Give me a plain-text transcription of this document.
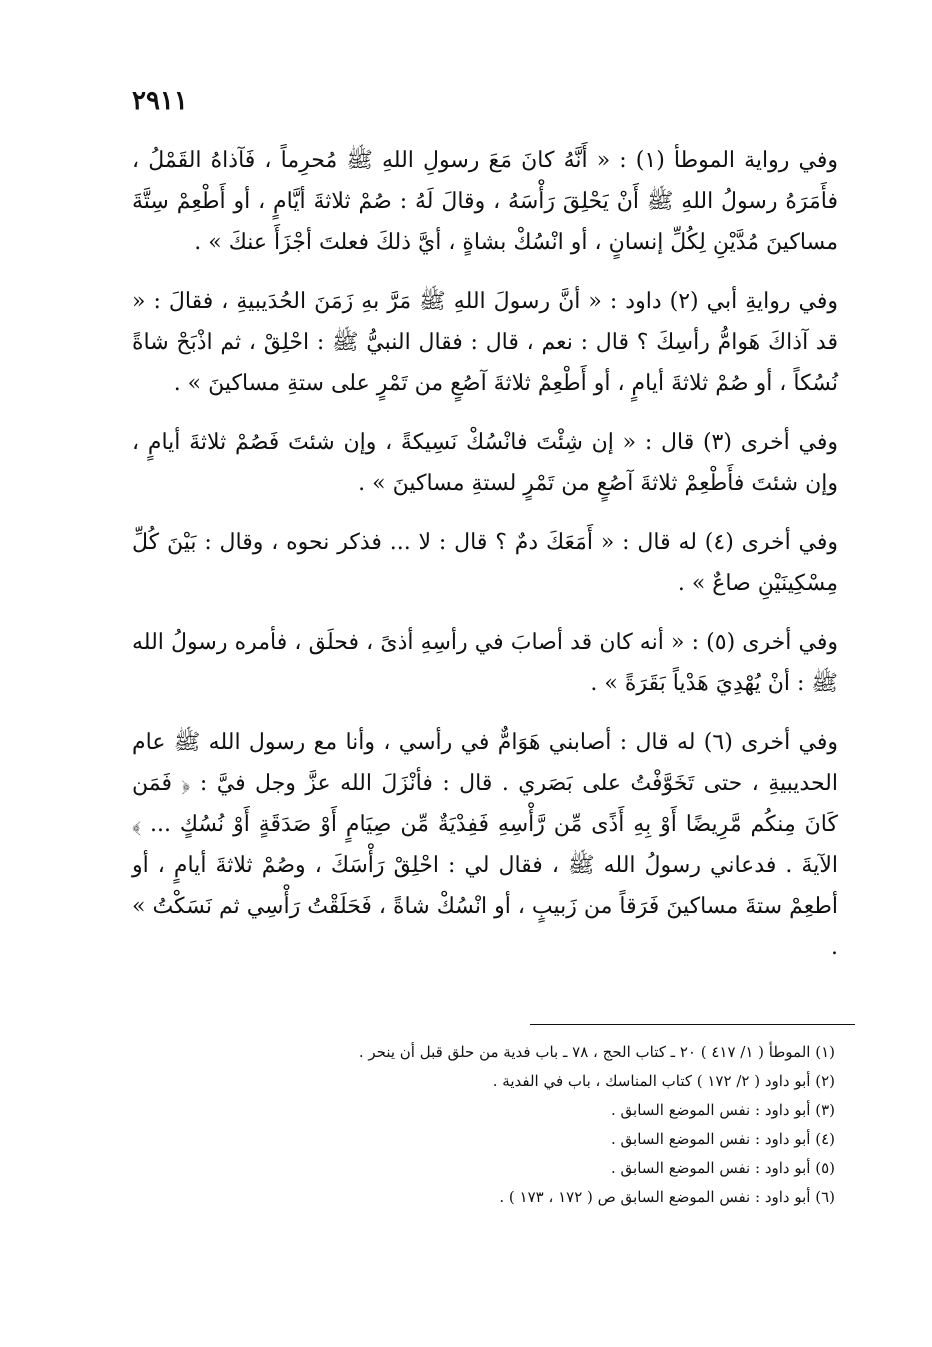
٢٩١١

وفي رواية الموطأ (١) : « أَنَّهُ كانَ مَعَ رسولِ اللهِ ﷺ مُحرِماً ، فَآذاهُ القَمْلُ ، فأَمَرَهُ رسولُ اللهِ ﷺ أَنْ يَحْلِقَ رَأْسَهُ ، وقالَ لَهُ : صُمْ ثلاثةَ أيَّامٍ ، أو أَطْعِمْ سِتَّةَ مساكينَ مُدَّيْنِ لِكُلِّ إنسانٍ ، أو انْسُكْ بشاةٍ ، أيَّ ذلكَ فعلتَ أجْزَأَ عنكَ » .

وفي روايةِ أبي (٢) داود : « أنَّ رسولَ اللهِ ﷺ مَرَّ بهِ زَمَنَ الحُدَيبيةِ ، فقالَ : « قد آذاكَ هَوامُّ رأسِكَ ؟ قال : نعم ، قال : فقال النبيُّ ﷺ : احْلِقْ ، ثم اذْبَحْ شاةً نُسُكاً ، أو صُمْ ثلاثةَ أيامٍ ، أو أَطْعِمْ ثلاثةَ آصُعٍ من تَمْرٍ على ستةِ مساكينَ » .

وفي أخرى (٣) قال : « إن شِئْتَ فانْسُكْ نَسِيكةً ، وإن شئتَ فَصُمْ ثلاثةَ أيامٍ ، وإن شئتَ فأَطْعِمْ ثلاثةَ آصُعٍ من تَمْرٍ لستةِ مساكينَ » .

وفي أخرى (٤) له قال : « أَمَعَكَ دمٌ ؟ قال : لا ... فذكر نحوه ، وقال : بَيْنَ كُلِّ مِسْكِينَيْنِ صاعٌ » .

وفي أخرى (٥) : « أنه كان قد أصابَ في رأسِهِ أذىً ، فحلَق ، فأمره رسولُ الله ﷺ : أنْ يُهْدِيَ هَدْياً بَقَرَةً » .

وفي أخرى (٦) له قال : أصابني هَوَامٌّ في رأسي ، وأنا مع رسول الله ﷺ عام الحديبيةِ ، حتى تَخَوَّفْتُ على بَصَري . قال : فأنْزَلَ الله عزَّ وجل فيَّ : ﴿ فَمَن كَانَ مِنكُم مَّرِيضًا أَوْ بِهِ أَذًى مِّن رَّأْسِهِ فَفِدْيَةٌ مِّن صِيَامٍ أَوْ صَدَقَةٍ أَوْ نُسُكٍ ... ﴾ الآيةَ . فدعاني رسولُ الله ﷺ ، فقال لي : احْلِقْ رَأْسَكَ ، وصُمْ ثلاثةَ أيامٍ ، أو أطعِمْ ستةَ مساكينَ فَرَقاً من زَبيبٍ ، أو انْسُكْ شاةً ، فَحَلَقْتُ رَأْسِي ثم نَسَكْتُ » .

(١) الموطأ ( ١/ ٤١٧ ) ٢٠ ـ كتاب الحج ، ٧٨ ـ باب فدية من حلق قبل أن ينحر .
(٢) أبو داود ( ٢/ ١٧٢ ) كتاب المناسك ، باب في الفدية .
(٣) أبو داود : نفس الموضع السابق .
(٤) أبو داود : نفس الموضع السابق .
(٥) أبو داود : نفس الموضع السابق .
(٦) أبو داود : نفس الموضع السابق ص ( ١٧٢ ، ١٧٣ ) .
